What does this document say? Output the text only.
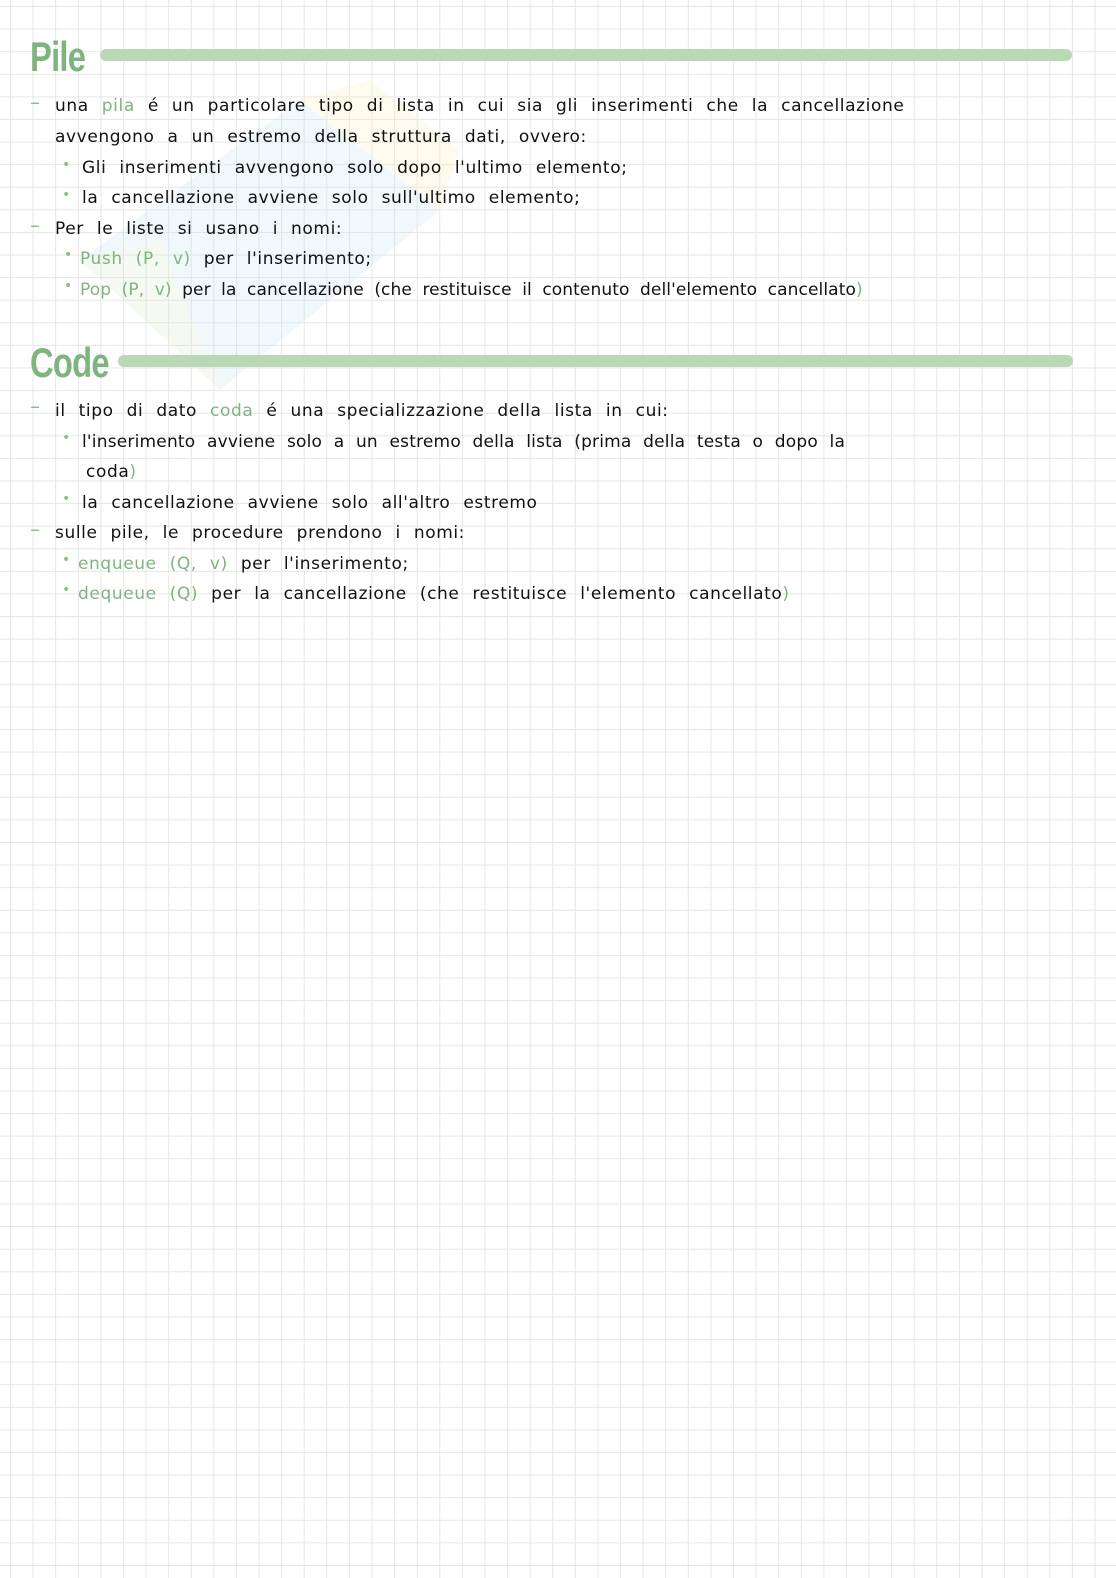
Pile
– una pila é un particolare tipo di lista in cui sia gli inserimenti che la cancellazione
avvengono a un estremo della struttura dati, ovvero:
• Gli inserimenti avvengono solo dopo l'ultimo elemento;
• la cancellazione avviene solo sull'ultimo elemento;
– Per le liste si usano i nomi:
• Push (P, v) per l'inserimento;
• Pop (P, v) per la cancellazione (che restituisce il contenuto dell'elemento cancellato)
Code
– il tipo di dato coda é una specializzazione della lista in cui:
• l'inserimento avviene solo a un estremo della lista (prima della testa o dopo la
coda)
• la cancellazione avviene solo all'altro estremo
– sulle pile, le procedure prendono i nomi:
• enqueue (Q, v) per l'inserimento;
• dequeue (Q) per la cancellazione (che restituisce l'elemento cancellato)
